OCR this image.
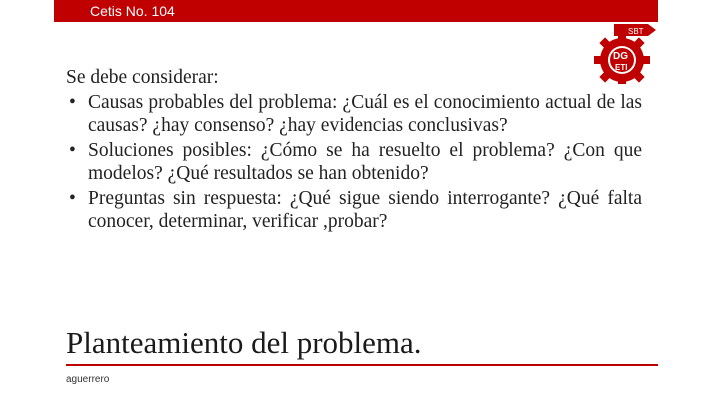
Cetis No. 104
SBT
DG
ETI

Se debe considerar:

• Causas probables del problema: ¿Cuál es el conocimiento actual de las causas? ¿hay consenso? ¿hay evidencias conclusivas?
• Soluciones posibles: ¿Cómo se ha resuelto el problema? ¿Con que modelos? ¿Qué resultados se han obtenido?
• Preguntas sin respuesta: ¿Qué sigue siendo interrogante? ¿Qué falta conocer, determinar, verificar ,probar?
Planteamiento del problema.
aguerrero
